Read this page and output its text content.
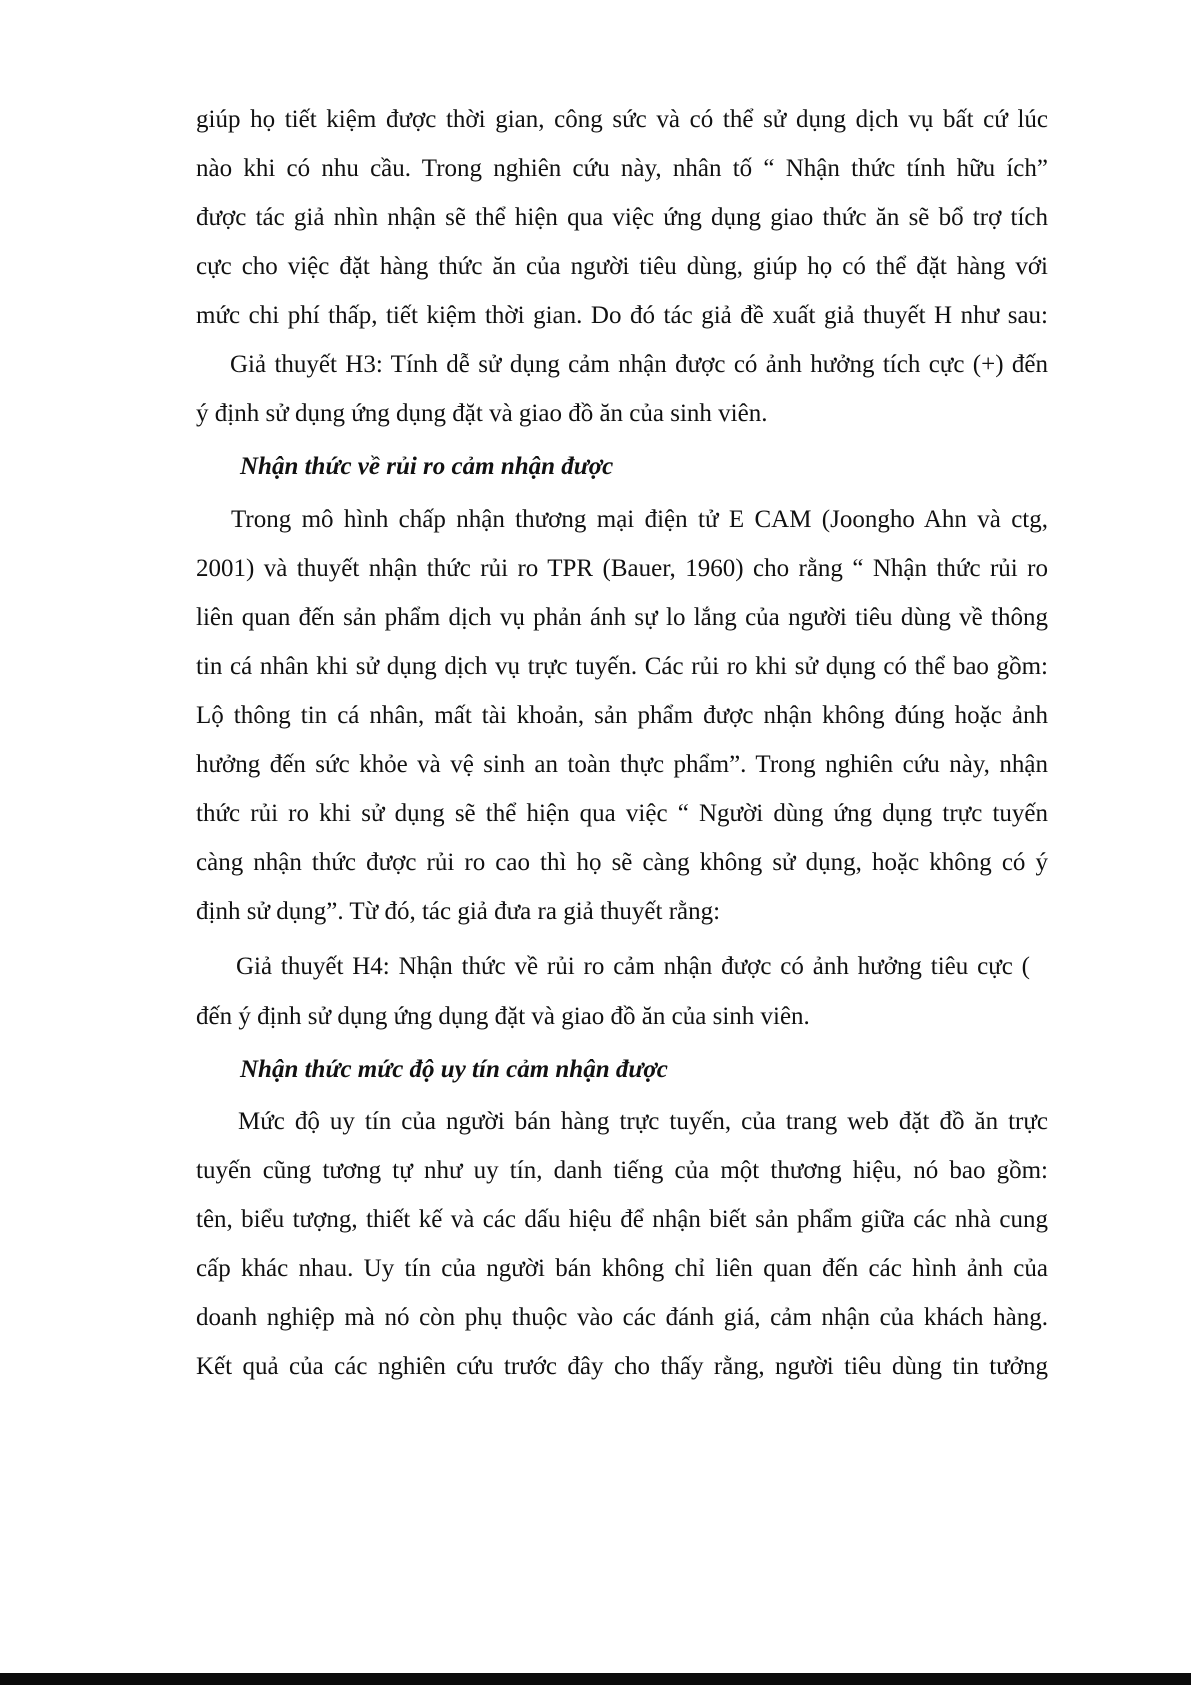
giúp họ tiết kiệm được thời gian, công sức và có thể sử dụng dịch vụ bất cứ lúc
nào khi có nhu cầu. Trong nghiên cứu này, nhân tố “ Nhận thức tính hữu ích”
được tác giả nhìn nhận sẽ thể hiện qua việc ứng dụng giao thức ăn sẽ bổ trợ tích
cực cho việc đặt hàng thức ăn của người tiêu dùng, giúp họ có thể đặt hàng với
mức chi phí thấp, tiết kiệm thời gian. Do đó tác giả đề xuất giả thuyết H như sau:
Giả thuyết H3: Tính dễ sử dụng cảm nhận được có ảnh hưởng tích cực (+) đến
ý định sử dụng ứng dụng đặt và giao đồ ăn của sinh viên.
Nhận thức về rủi ro cảm nhận được
Trong mô hình chấp nhận thương mại điện tử E CAM (Joongho Ahn và ctg,
2001) và thuyết nhận thức rủi ro TPR (Bauer, 1960) cho rằng “ Nhận thức rủi ro
liên quan đến sản phẩm dịch vụ phản ánh sự lo lắng của người tiêu dùng về thông
tin cá nhân khi sử dụng dịch vụ trực tuyến. Các rủi ro khi sử dụng có thể bao gồm:
Lộ thông tin cá nhân, mất tài khoản, sản phẩm được nhận không đúng hoặc ảnh
hưởng đến sức khỏe và vệ sinh an toàn thực phẩm”. Trong nghiên cứu này, nhận
thức rủi ro khi sử dụng sẽ thể hiện qua việc “ Người dùng ứng dụng trực tuyến
càng nhận thức được rủi ro cao thì họ sẽ càng không sử dụng, hoặc không có ý
định sử dụng”. Từ đó, tác giả đưa ra giả thuyết rằng:
Giả thuyết H4: Nhận thức về rủi ro cảm nhận được có ảnh hưởng tiêu cực (
đến ý định sử dụng ứng dụng đặt và giao đồ ăn của sinh viên.
Nhận thức mức độ uy tín cảm nhận được
Mức độ uy tín của người bán hàng trực tuyến, của trang web đặt đồ ăn trực
tuyến cũng tương tự như uy tín, danh tiếng của một thương hiệu, nó bao gồm:
tên, biểu tượng, thiết kế và các dấu hiệu để nhận biết sản phẩm giữa các nhà cung
cấp khác nhau. Uy tín của người bán không chỉ liên quan đến các hình ảnh của
doanh nghiệp mà nó còn phụ thuộc vào các đánh giá, cảm nhận của khách hàng.
Kết quả của các nghiên cứu trước đây cho thấy rằng, người tiêu dùng tin tưởng
